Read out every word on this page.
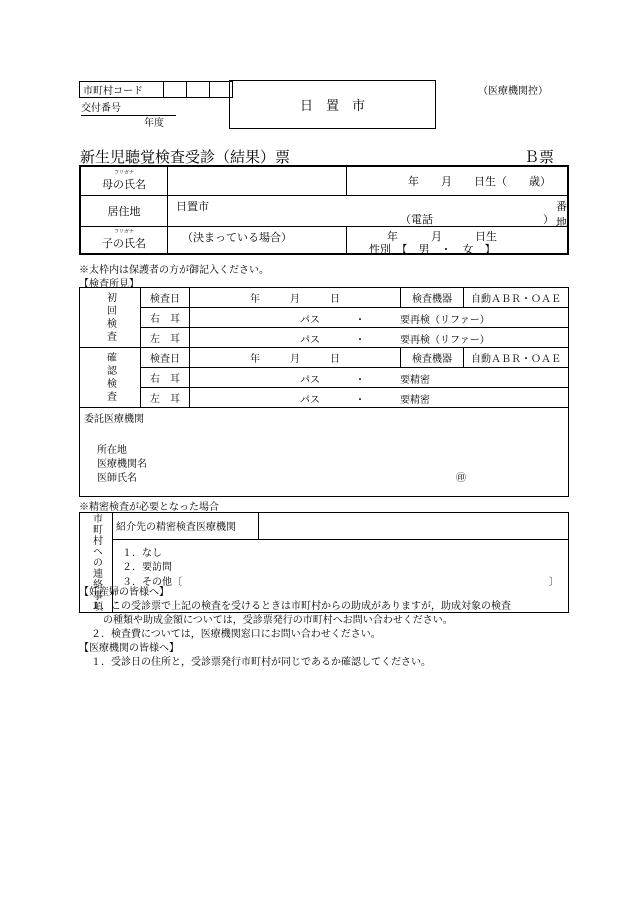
市町村コード			
交付番号
年度
日　置　市
（医療機関控）
新生児聴覚検査受診（結果）票	Ｂ票
フリガナ
母の氏名		年　　月　　日生（　　歳）
居住地	日置市 番地
（電話　　　　　　　　　　）	

フリガナ
子の氏名	（決まっている場合）	年　　　月　　　日生
性別　【　男　・　女　】
※太枠内は保護者の方が御記入ください。
【検査所見】
初回検査	検査日	年　　　月　　　日	検査機器	自動ＡＢＲ・ＯＡＥ
	右　耳	パス ・ 要再検（リファー）		

	左　耳	パス ・ 要再検（リファー）		

確認検査	検査日	年　　　月　　　日	検査機器	自動ＡＢＲ・ＯＡＥ
	右　耳	パス ・ 要精密		

	左　耳	パス ・ 要精密		
委託医療機関
所在地
医療機関名
医師氏名	㊞
※精密検査が必要となった場合
市町村への連絡事項	紹介先の精密検査医療機関	

１．なし
２．要訪問
３．その他〔	〕

【妊産婦の皆様へ】

１．この受診票で上記の検査を受けるときは市町村からの助成がありますが，助成対象の検査

の種類や助成金額については，受診票発行の市町村へお問い合わせください。

２．検査費については，医療機関窓口にお問い合わせください。

【医療機関の皆様へ】

１．受診日の住所と，受診票発行市町村が同じであるか確認してください。
